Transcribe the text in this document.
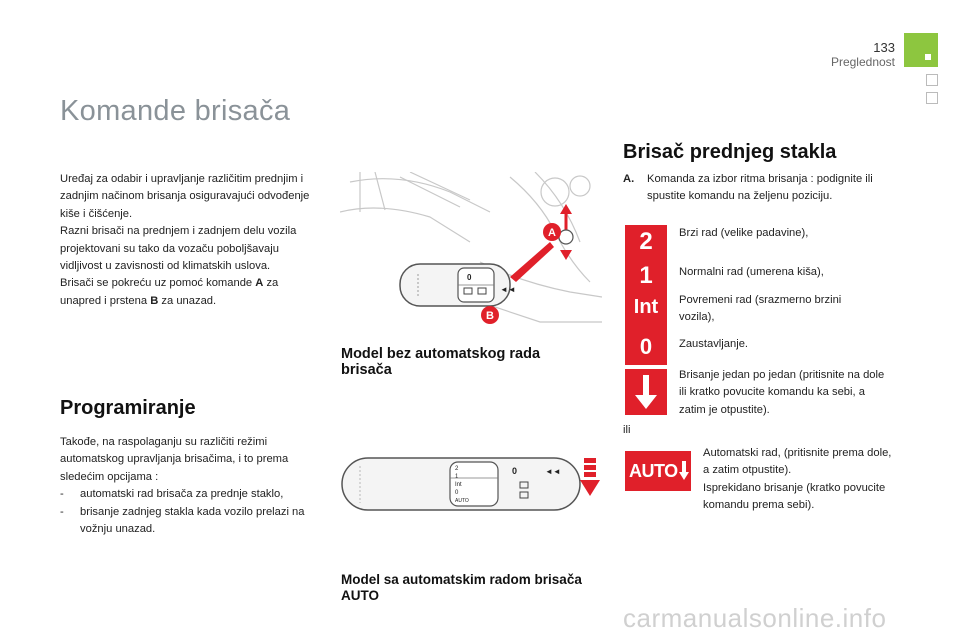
133
Preglednost
Komande brisača
Uređaj za odabir i upravljanje različitim prednjim i zadnjim načinom brisanja osiguravajući odvođenje kiše i čišćenje.
Razni brisači na prednjem i zadnjem delu vozila projektovani su tako da vozaču poboljšavaju vidljivost u zavisnosti od klimatskih uslova.
Brisači se pokreću uz pomoć komande A za unapred i prstena B za unazad.
Programiranje
Takođe, na raspolaganju su različiti režimi automatskog upravljanja brisačima, i to prema sledećim opcijama :
- automatski rad brisača za prednje staklo,
- brisanje zadnjeg stakla kada vozilo prelazi na vožnju unazad.
0
◄◄
B
A
Model bez automatskog rada brisača
2
1
Int
0
AUTO
0	◄◄
Model sa automatskim radom brisača AUTO
Brisač prednjeg stakla
A.	Komanda za izbor ritma brisanja : podignite ili spustite komandu na željenu poziciju.
2
1
Int
0
Brzi rad (velike padavine),
Normalni rad (umerena kiša),
Povremeni rad (srazmerno brzini vozila),
Zaustavljanje.
Brisanje jedan po jedan (pritisnite na dole ili kratko povucite komandu ka sebi, a zatim je otpustite).
ili
AUTO
Automatski rad, (pritisnite prema dole, a zatim otpustite).
Isprekidano brisanje (kratko povucite komandu prema sebi).
carmanualsonline.info
